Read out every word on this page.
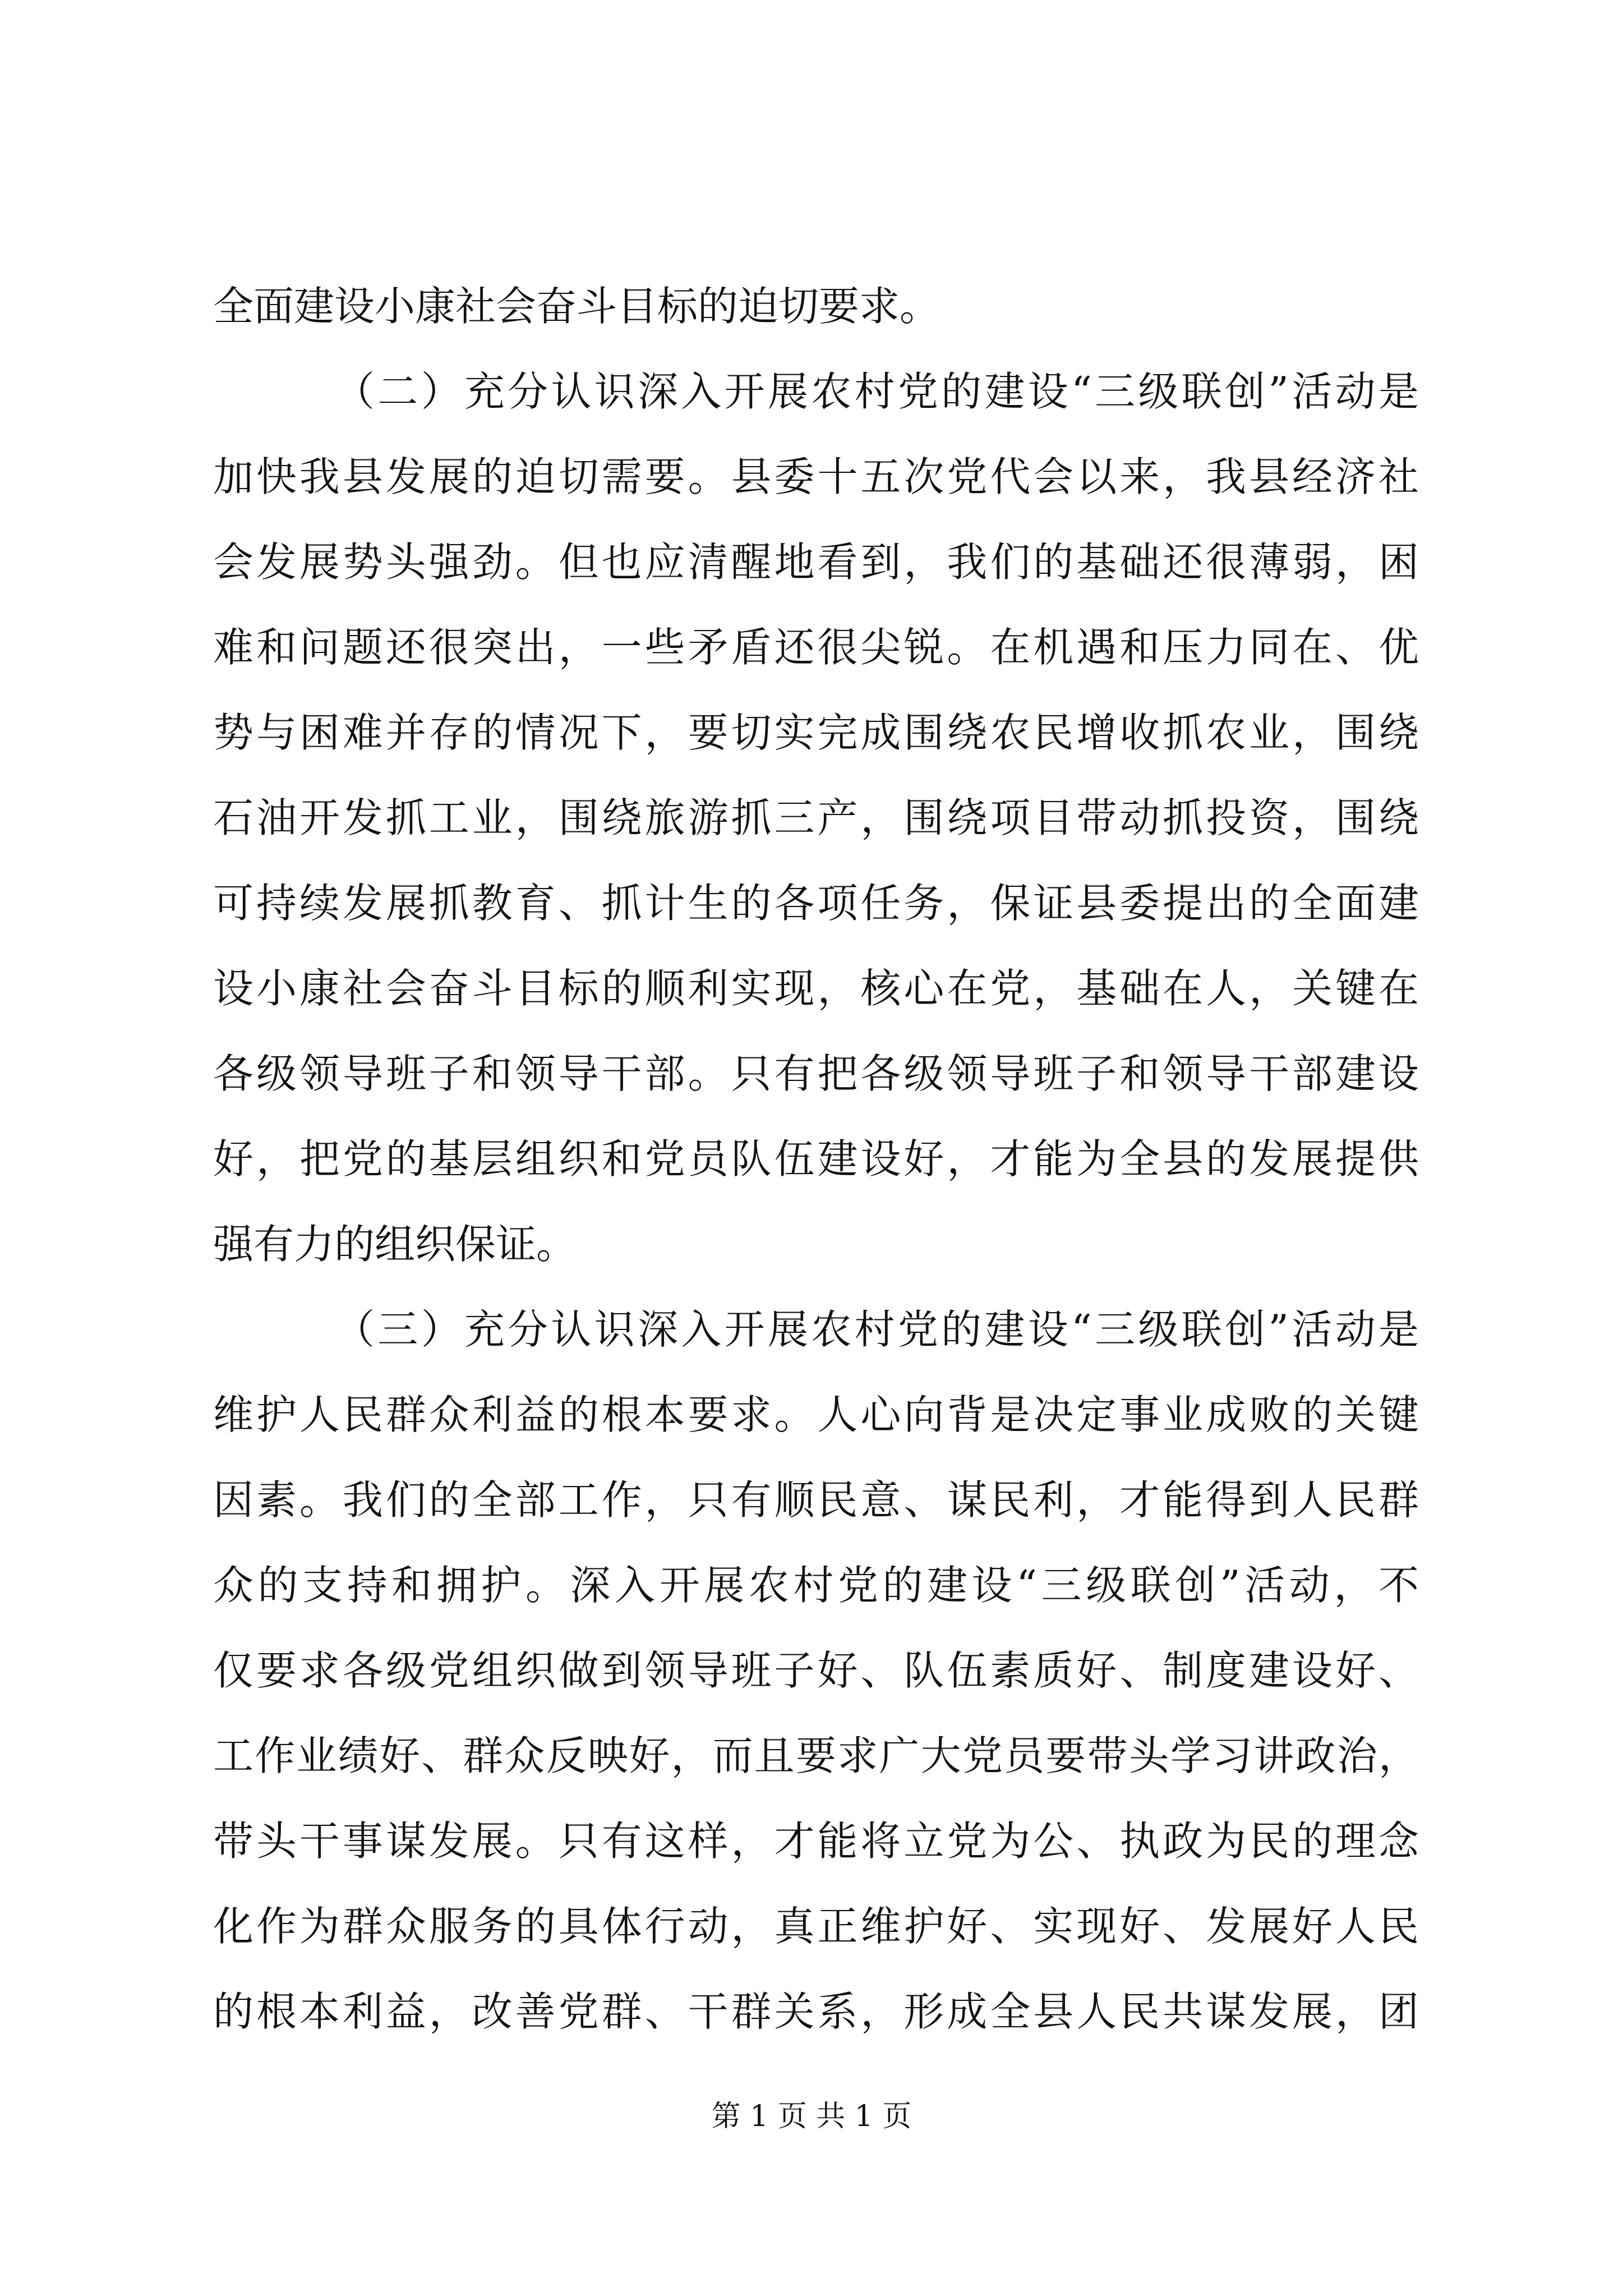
全面建设小康社会奋斗目标的迫切要求。
（二）充分认识深入开展农村党的建设“三级联创”活动是
加快我县发展的迫切需要。县委十五次党代会以来，我县经济社
会发展势头强劲。但也应清醒地看到，我们的基础还很薄弱，困
难和问题还很突出，一些矛盾还很尖锐。在机遇和压力同在、优
势与困难并存的情况下，要切实完成围绕农民增收抓农业，围绕
石油开发抓工业，围绕旅游抓三产，围绕项目带动抓投资，围绕
可持续发展抓教育、抓计生的各项任务，保证县委提出的全面建
设小康社会奋斗目标的顺利实现，核心在党，基础在人，关键在
各级领导班子和领导干部。只有把各级领导班子和领导干部建设
好，把党的基层组织和党员队伍建设好，才能为全县的发展提供
强有力的组织保证。
（三）充分认识深入开展农村党的建设“三级联创”活动是
维护人民群众利益的根本要求。人心向背是决定事业成败的关键
因素。我们的全部工作，只有顺民意、谋民利，才能得到人民群
众的支持和拥护。深入开展农村党的建设“三级联创”活动，不
仅要求各级党组织做到领导班子好、队伍素质好、制度建设好、
工作业绩好、群众反映好，而且要求广大党员要带头学习讲政治，
带头干事谋发展。只有这样，才能将立党为公、执政为民的理念
化作为群众服务的具体行动，真正维护好、实现好、发展好人民
的根本利益，改善党群、干群关系，形成全县人民共谋发展，团
第 1 页 共 1 页
